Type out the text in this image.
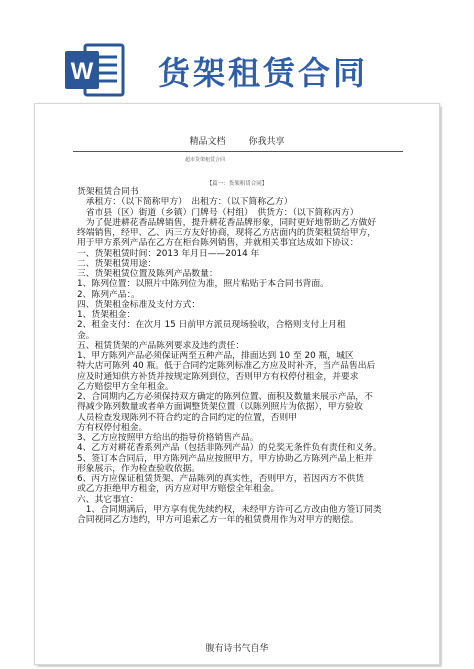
W 货架租赁合同
精品文档	你我共享
超市货架租赁合同
【篇一：货架租赁合同】
货架租赁合同书
　承租方：（以下简称甲方）　出租方：（以下简称乙方）
　省市县（区）街道（乡镇）门牌号（村组）　供货方：（以下简称丙方）
　为了促进耕花香品牌销售，提升耕花香品牌形象，同时更好地帮助乙方做好
终端销售，经甲、乙、丙三方友好协商，现将乙方店面内的货架租赁给甲方，
用于甲方系列产品在乙方在柜台陈列销售，并就相关事宜达成如下协议：
一、货架租赁时间：2013 年月日——2014 年
二、货架租赁用途：
三、货架租赁位置及陈列产品数量：
1、陈列位置：以照片中陈列位为准，照片粘贴于本合同书背面。
2、陈列产品：。
四、货架租金标准及支付方式：
1、货架租金：
2、租金支付：在次月 15 日前甲方派员现场验收，合格则支付上月租
金。
五、租赁货架的产品陈列要求及违约责任：
1、甲方陈列产品必须保证两至五种产品，排面达到 10 至 20 瓶，城区
特大店可陈列 40 瓶。低于合同约定陈列标准乙方应及时补齐，当产品售出后
应及时通知供方补货并按规定陈列到位，否则甲方有权停付租金，并要求
乙方赔偿甲方全年租金。
2、合同期内乙方必须保持双方确定的陈列位置、面积及数量来展示产品，不
得减少陈列数量或者单方面调整货架位置（以陈列照片为依据），甲方验收
人员检查发现陈列不符合约定的合同约定的位置，否则甲
方有权停付租金。
3、乙方应按照甲方给出的指导价格销售产品。
4、乙方对耕花香系列产品（包括非陈列产品）的兑奖无条件负有责任和义务。
5、签订本合同后，甲方陈列产品应按照甲方，甲方协助乙方陈列产品上柜并
形象展示，作为检查验收依据。
6、丙方应保证租赁货架、产品陈列的真实性，否则甲方，若因丙方不供货
或乙方拒绝甲方租金，丙方应对甲方赔偿全年租金。
六、其它事宜：
　1、合同期满后，甲方享有优先续约权，未经甲方许可乙方改由他方签订同类
合同视同乙方违约，甲方可追索乙方一年的租赁费用作为对甲方的赔偿。
腹有诗书气自华
